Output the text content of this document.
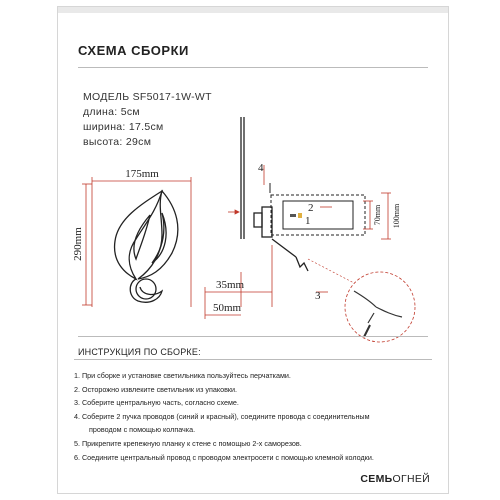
СХЕМА СБОРКИ
МОДЕЛЬ SF5017-1W-WT
длина: 5см
ширина: 17.5см
высота: 29см
175mm
290mm
35mm
50mm
70mm 100mm
4
2
1
3
ИНСТРУКЦИЯ ПО СБОРКЕ:
1. При сборке и установке светильника пользуйтесь перчатками.
2. Осторожно извлеките светильник из упаковки.
3. Соберите центральную часть, согласно схеме.
4. Соберите 2 пучка проводов (синий и красный), соедините провода с соединительным
проводом с помощью колпачка.
5. Прикрепите крепежную планку к стене с помощью 2-х саморезов.
6. Соедините центральный провод с проводом электросети с помощью клемной колодки.
СЕМЬОГНЕЙ
